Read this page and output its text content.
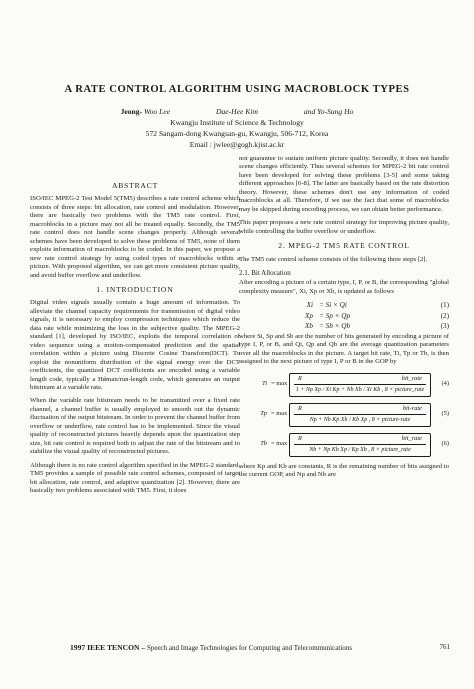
A RATE CONTROL ALGORITHM USING MACROBLOCK TYPES
Jeong- Woo Lee	Dae-Hee Kim	and Yo-Sung Ho
Kwangju Institute of Science & Technology
572 Sangam-dong Kwangsan-gu, Kwangju, 506-712, Korea
Email : jwlee@gogh.kjist.ac.kr
ABSTRACT

ISO/IEC MPEG-2 Test Model 5(TM5) describes a rate control scheme which consists of three steps: bit allocation, rate control and modulation. However, there are basically two problems with the TM5 rate control. First, macroblocks in a picture may not all be treated equally. Secondly, the TM5 rate control does not handle scene changes properly. Although several schemes have been developed to solve these problems of TM5, none of them exploits information of macroblocks to be coded. In this paper, we propose a new rate control strategy by using coded types of macroblocks within a picture. With proposed algorithm, we can get more consistent picture quality, and avoid buffer overflow and underflow.

1. INTRODUCTION

Digital video signals usually contain a huge amount of information. To alleviate the channel capacity requirements for transmission of digital video signals, it is necessary to employ compression techniques which reduce the data rate while minimizing the loss in the subjective quality. The MPEG-2 standard [1], developed by ISO/IEC, exploits the temporal correlation of video sequence using a motion-compensated prediction and the spatial correlation within a picture using Discrete Cosine Transform(DCT). To exploit the nonuniform distribution of the signal energy over the DCT coefficients, the quantized DCT coefficients are encoded using a variable length code, typically a Hǿman/run-length code, which generates an output bitstream at a variable rate.

When the variable rate bitstream needs to be transmitted over a fixed rate channel, a channel buffer is usually employed to smooth out the dynamic fluctuation of the output bitstream. In order to prevent the channel buffer from overflow or underflow, rate control has to be implemented. Since the visual quality of reconstructed pictures heavily depends upon the quantization step size, bit rate control is required both to adjust the rate of the bitstream and to stabilize the visual quality of reconstructed pictures.

Although there is no rate control algorithm specified in the MPEG-2 standard, TM5 provides a sample of possible rate control schemes, composed of target bit allocation, rate control, and adaptive quantization [2]. However, there are basically two problems associated with TM5. First, it does

not guarantee to sustain uniform picture quality. Secondly, it does not handle scene changes efficiently. Thus several schemes for MPEG-2 bit rate control have been developed for solving these problems [3-5] and some taking different approaches [6-8]. The latter are basically based on the rate distortion theory. However, these schemes don't use any information of coded macroblocks at all. Therefore, if we use the fact that some of macroblocks may be skipped during encoding process, we can obtain better performance.

This paper proposes a new rate control strategy for improving picture quality, while controlling the buffer overflow or underflow.

2. MPEG-2 TM5 RATE CONTROL

The TM5 rate control scheme consists of the following three steps [2].

2.1. Bit Allocation

After encoding a picture of a certain type, I, P, or B, the corresponding "global complexity measure", Xi, Xp or Xb, is updated as follows

Xi = Si × Qi	(1)
Xp = Sp × Qp	(2)
Xb = Sb × Qb	(3)

where Si, Sp and Sb are the number of bits generated by encoding a picture of type I, P, or B, and Qi, Qp and Qb are the average quantization parameters over all the macroblocks in the picture. A target bit rate, Ti, Tp or Tb, is then assigned to the next picture of type I, P or B in the GOP by

Ti = max
R	bit_rate
1 + Np Xp / Xi Kp + Nb Xb / Xi Kb , 8 × picture_rate
(4)
Tp = max
R	bit-rate
Np + Nb Kp Xb / Kb Xp , 8 × picture-rate
(5)
Tb = max
R	bit_rate
Nb + Np Kb Xp / Kp Xb , 8 × picture_rate
(6)

where Kp and Kb are constants, R is the remaining number of bits assigned to the current GOP, and Np and Nb are

1997 IEEE TENCON – Speech and Image Technologies for Computing and Telecommunications	761
